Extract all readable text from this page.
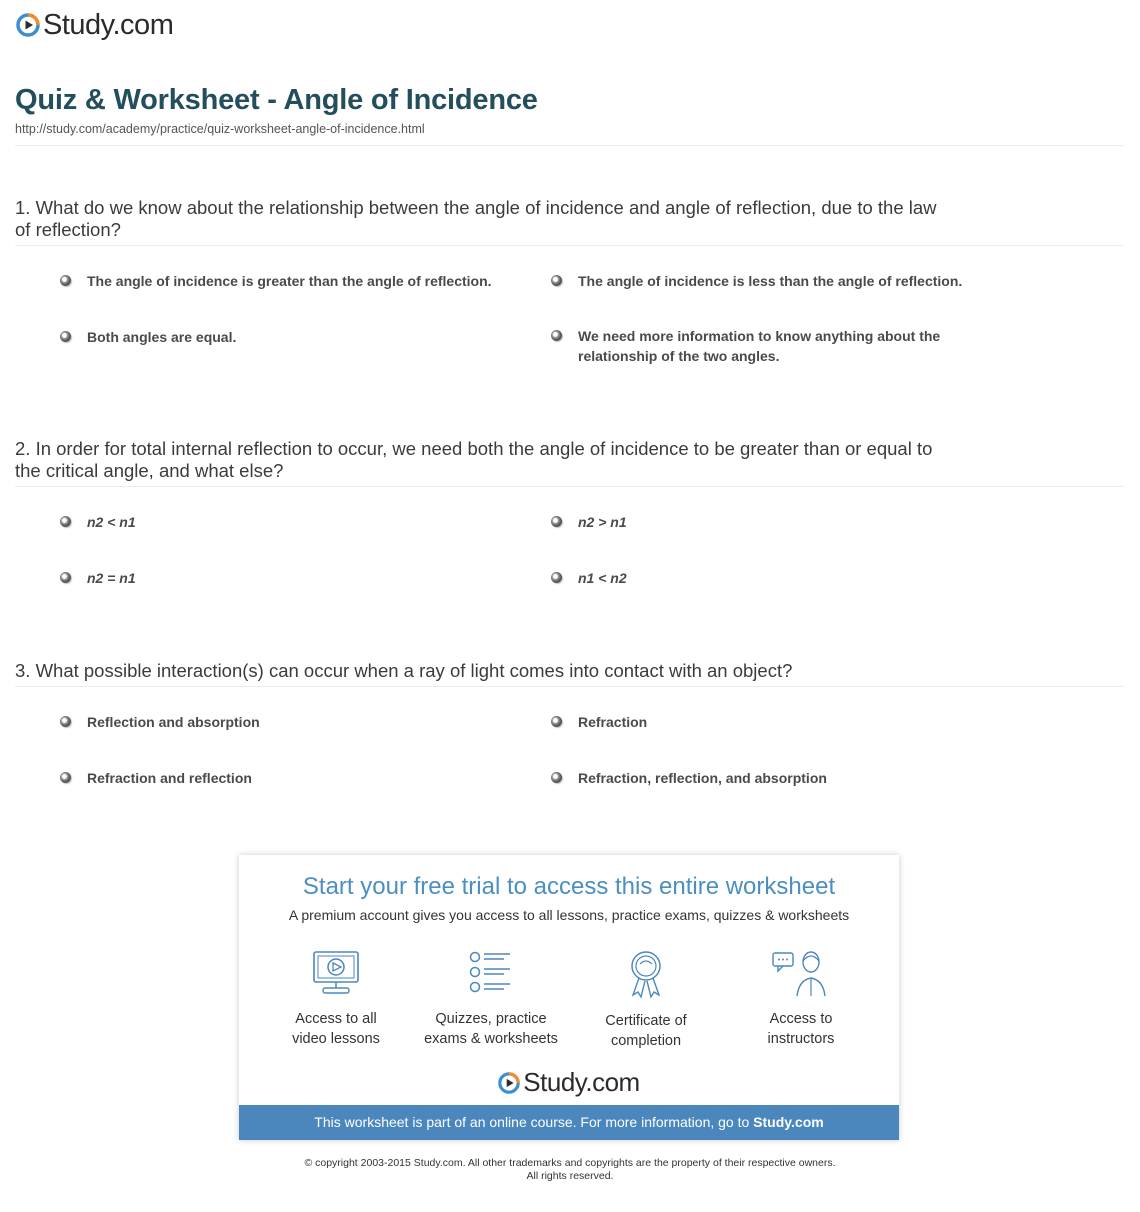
Study.com
Quiz & Worksheet - Angle of Incidence
http://study.com/academy/practice/quiz-worksheet-angle-of-incidence.html
1. What do we know about the relationship between the angle of incidence and angle of reflection, due to the law of reflection?
The angle of incidence is greater than the angle of reflection.	The angle of incidence is less than the angle of reflection.
Both angles are equal.	We need more information to know anything about the relationship of the two angles.
2. In order for total internal reflection to occur, we need both the angle of incidence to be greater than or equal to the critical angle, and what else?
n2 < n1	n2 > n1
n2 = n1	n1 < n2
3. What possible interaction(s) can occur when a ray of light comes into contact with an object?
Reflection and absorption	Refraction
Refraction and reflection	Refraction, reflection, and absorption
Start your free trial to access this entire worksheet
A premium account gives you access to all lessons, practice exams, quizzes & worksheets
Access to all
video lessons
Quizzes, practice
exams & worksheets
Certificate of
completion
Access to
instructors
Study.com
This worksheet is part of an online course. For more information, go to Study.com
© copyright 2003-2015 Study.com. All other trademarks and copyrights are the property of their respective owners.
All rights reserved.
